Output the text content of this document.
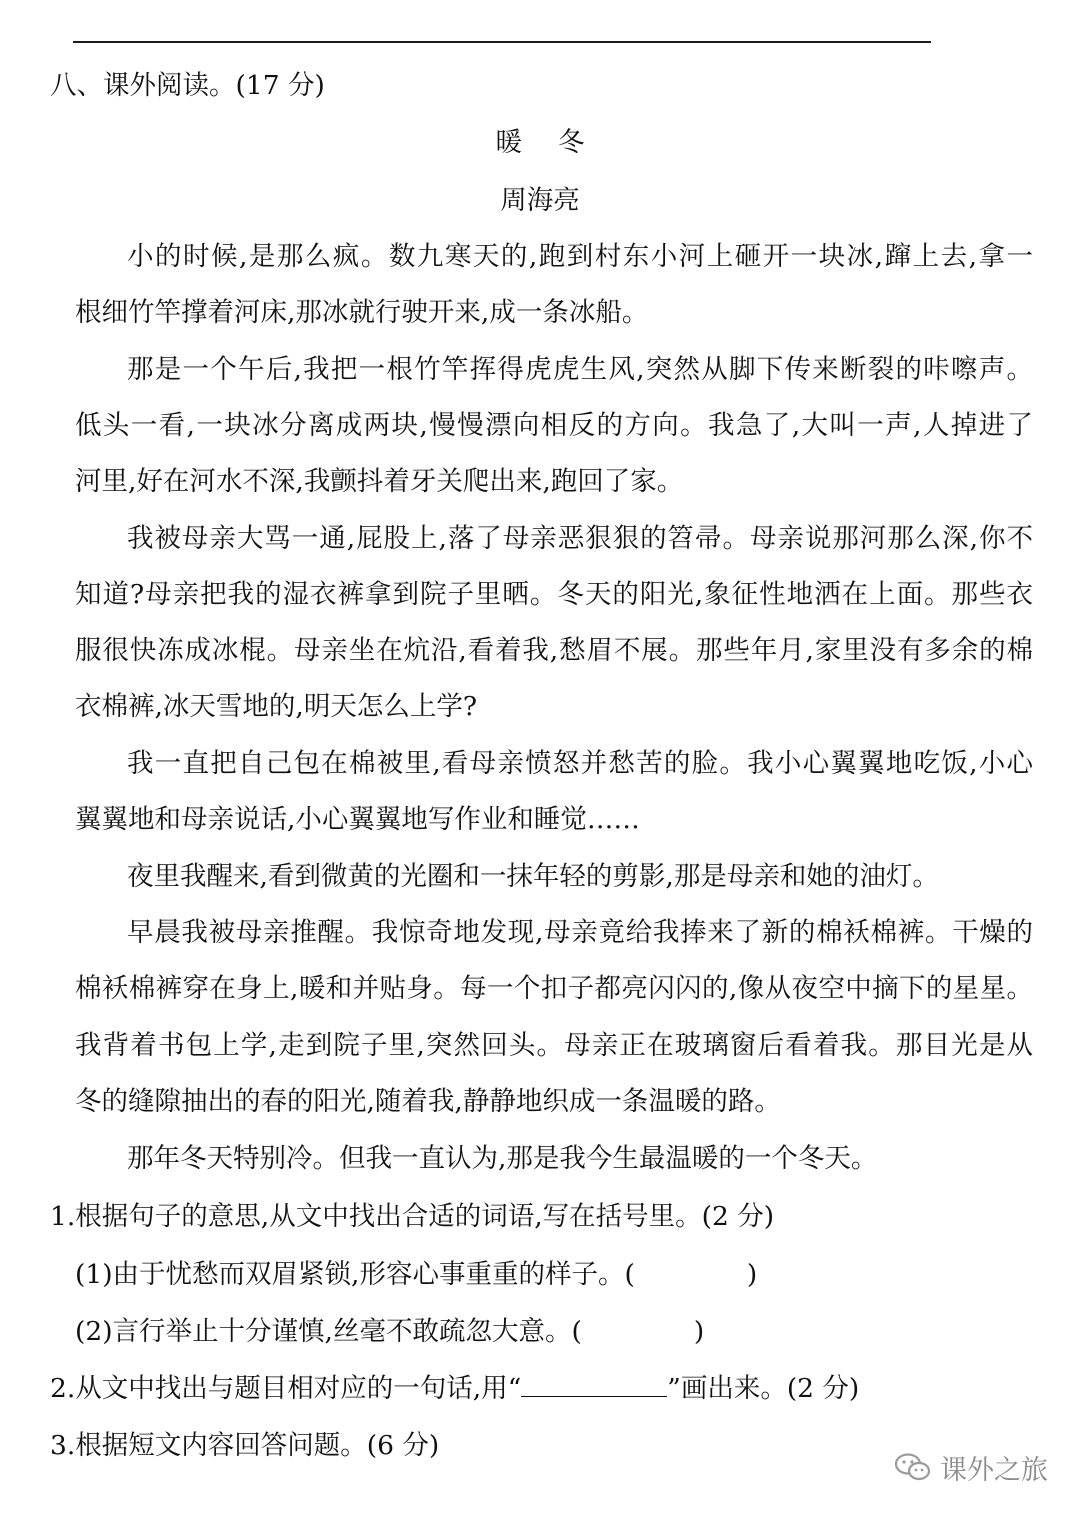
八、课外阅读。(17 分)
暖冬
周海亮
小的时候,是那么疯。数九寒天的,跑到村东小河上砸开一块冰,蹿上去,拿一
根细竹竿撑着河床,那冰就行驶开来,成一条冰船。
那是一个午后,我把一根竹竿挥得虎虎生风,突然从脚下传来断裂的咔嚓声。
低头一看,一块冰分离成两块,慢慢漂向相反的方向。我急了,大叫一声,人掉进了
河里,好在河水不深,我颤抖着牙关爬出来,跑回了家。
我被母亲大骂一通,屁股上,落了母亲恶狠狠的笤帚。母亲说那河那么深,你不
知道?母亲把我的湿衣裤拿到院子里晒。冬天的阳光,象征性地洒在上面。那些衣
服很快冻成冰棍。母亲坐在炕沿,看着我,愁眉不展。那些年月,家里没有多余的棉
衣棉裤,冰天雪地的,明天怎么上学?
我一直把自己包在棉被里,看母亲愤怒并愁苦的脸。我小心翼翼地吃饭,小心
翼翼地和母亲说话,小心翼翼地写作业和睡觉……
夜里我醒来,看到微黄的光圈和一抹年轻的剪影,那是母亲和她的油灯。
早晨我被母亲推醒。我惊奇地发现,母亲竟给我捧来了新的棉袄棉裤。干燥的
棉袄棉裤穿在身上,暖和并贴身。每一个扣子都亮闪闪的,像从夜空中摘下的星星。
我背着书包上学,走到院子里,突然回头。母亲正在玻璃窗后看着我。那目光是从
冬的缝隙抽出的春的阳光,随着我,静静地织成一条温暖的路。
那年冬天特别冷。但我一直认为,那是我今生最温暖的一个冬天。
1.根据句子的意思,从文中找出合适的词语,写在括号里。(2 分)
(1)由于忧愁而双眉紧锁,形容心事重重的样子。(	)
(2)言行举止十分谨慎,丝毫不敢疏忽大意。(	)
2.从文中找出与题目相对应的一句话,用“	”画出来。(2 分)
3.根据短文内容回答问题。(6 分)
课外之旅
